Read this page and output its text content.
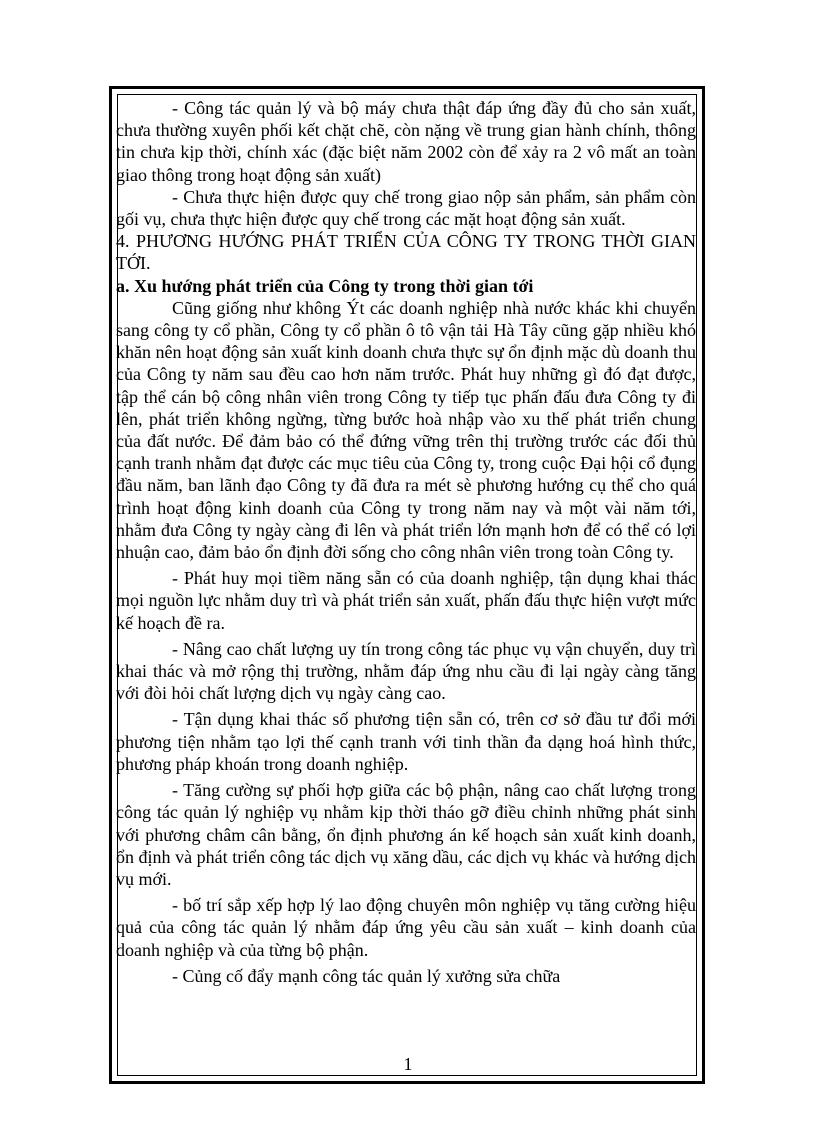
- Công tác quản lý và bộ máy chưa thật đáp ứng đầy đủ cho sản xuất, chưa thường xuyên phối kết chặt chẽ, còn nặng về trung gian hành chính, thông tin chưa kịp thời, chính xác (đặc biệt năm 2002 còn để xảy ra 2 vô mất an toàn giao thông trong hoạt động sản xuất)

- Chưa thực hiện được quy chế trong giao nộp sản phẩm, sản phẩm còn gối vụ, chưa thực hiện được quy chế trong các mặt hoạt động sản xuất.

4. PHƯƠNG HƯỚNG PHÁT TRIỂN CỦA CÔNG TY TRONG THỜI GIAN TỚI.

a. Xu hướng phát triển của Công ty trong thời gian tới

Cũng giống như không Ýt các doanh nghiệp nhà nước khác khi chuyển sang công ty cổ phần, Công ty cổ phần ô tô vận tải Hà Tây cũng gặp nhiều khó khăn nên hoạt động sản xuất kinh doanh chưa thực sự ổn định mặc dù doanh thu của Công ty năm sau đều cao hơn năm trước. Phát huy những gì đó đạt được, tập thể cán bộ công nhân viên trong Công ty tiếp tục phấn đấu đưa Công ty đi lên, phát triển không ngừng, từng bước hoà nhập vào xu thế phát triển chung của đất nước. Để đảm bảo có thể đứng vững trên thị trường trước các đối thủ cạnh tranh nhằm đạt được các mục tiêu của Công ty, trong cuộc Đại hội cổ đụng đầu năm, ban lãnh đạo Công ty đã đưa ra mét sè phương hướng cụ thể cho quá trình hoạt động kinh doanh của Công ty trong năm nay và một vài năm tới, nhằm đưa Công ty ngày càng đi lên và phát triển lớn mạnh hơn để có thể có lợi nhuận cao, đảm bảo ổn định đời sống cho công nhân viên trong toàn Công ty.

- Phát huy mọi tiềm năng sẵn có của doanh nghiệp, tận dụng khai thác mọi nguồn lực nhằm duy trì và phát triển sản xuất, phấn đấu thực hiện vượt mức kế hoạch đề ra.

- Nâng cao chất lượng uy tín trong công tác phục vụ vận chuyển, duy trì khai thác và mở rộng thị trường, nhằm đáp ứng nhu cầu đi lại ngày càng tăng với đòi hỏi chất lượng dịch vụ ngày càng cao.

- Tận dụng khai thác số phương tiện sẵn có, trên cơ sở đầu tư đổi mới phương tiện nhằm tạo lợi thế cạnh tranh với tinh thần đa dạng hoá hình thức, phương pháp khoán trong doanh nghiệp.

- Tăng cường sự phối hợp giữa các bộ phận, nâng cao chất lượng trong công tác quản lý nghiệp vụ nhằm kịp thời tháo gỡ điều chỉnh những phát sinh với phương châm cân bằng, ổn định phương án kế hoạch sản xuất kinh doanh, ổn định và phát triển công tác dịch vụ xăng dầu, các dịch vụ khác và hướng dịch vụ mới.

- bố trí sắp xếp hợp lý lao động chuyên môn nghiệp vụ tăng cường hiệu quả của công tác quản lý nhằm đáp ứng yêu cầu sản xuất – kinh doanh của doanh nghiệp và của từng bộ phận.

- Củng cố đẩy mạnh công tác quản lý xưởng sửa chữa

1
